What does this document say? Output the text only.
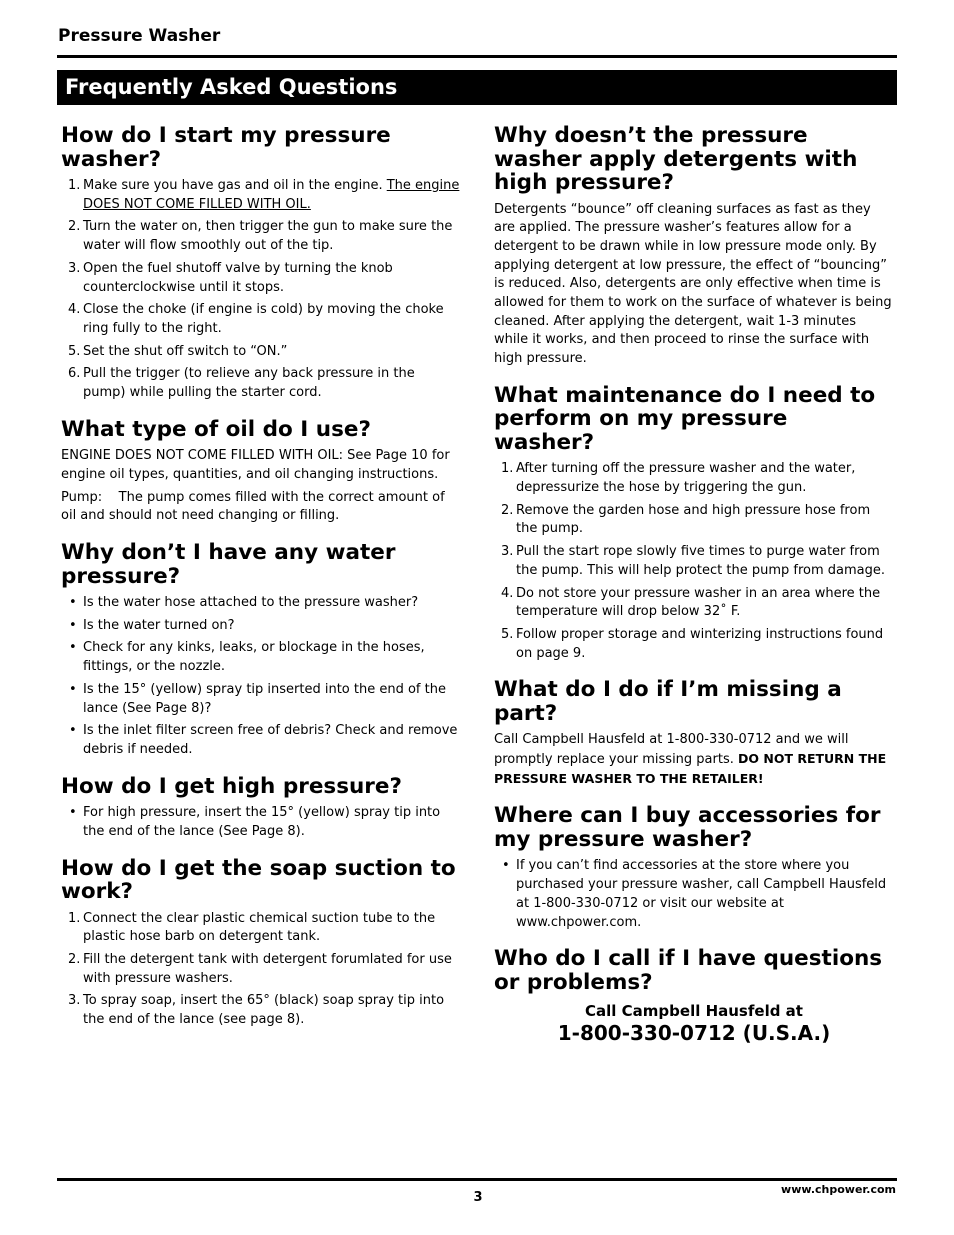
Pressure Washer
Frequently Asked Questions
How do I start my pressure washer?
1. Make sure you have gas and oil in the engine. The engine DOES NOT COME FILLED WITH OIL.
2. Turn the water on, then trigger the gun to make sure the water will flow smoothly out of the tip.
3. Open the fuel shutoff valve by turning the knob counterclockwise until it stops.
4. Close the choke (if engine is cold) by moving the choke ring fully to the right.
5. Set the shut off switch to “ON.”
6. Pull the trigger (to relieve any back pressure in the pump) while pulling the starter cord.
What type of oil do I use?

ENGINE DOES NOT COME FILLED WITH OIL: See Page 10 for engine oil types, quantities, and oil changing instructions.

Pump:    The pump comes filled with the correct amount of oil and should not need changing or filling.

Why don’t I have any water pressure?
• Is the water hose attached to the pressure washer?
• Is the water turned on?
• Check for any kinks, leaks, or blockage in the hoses, fittings, or the nozzle.
• Is the 15° (yellow) spray tip inserted into the end of the lance (See Page 8)?
• Is the inlet filter screen free of debris? Check and remove debris if needed.
How do I get high pressure?
• For high pressure, insert the 15° (yellow) spray tip into the end of the lance (See Page 8).
How do I get the soap suction to work?
1. Connect the clear plastic chemical suction tube to the plastic hose barb on detergent tank.
2. Fill the detergent tank with detergent forumlated for use with pressure washers.
3. To spray soap, insert the 65° (black) soap spray tip into the end of the lance (see page 8).
Why doesn’t the pressure washer apply detergents with high pressure?

Detergents “bounce” off cleaning surfaces as fast as they are applied. The pressure washer’s features allow for a detergent to be drawn while in low pressure mode only. By applying detergent at low pressure, the effect of “bouncing” is reduced. Also, detergents are only effective when time is allowed for them to work on the surface of whatever is being cleaned. After applying the detergent, wait 1-3 minutes while it works, and then proceed to rinse the surface with high pressure.

What maintenance do I need to perform on my pressure washer?
1. After turning off the pressure washer and the water, depressurize the hose by triggering the gun.
2. Remove the garden hose and high pressure hose from the pump.
3. Pull the start rope slowly five times to purge water from the pump. This will help protect the pump from damage.
4. Do not store your pressure washer in an area where the temperature will drop below 32˚ F.
5. Follow proper storage and winterizing instructions found on page 9.
What do I do if I’m missing a part?

Call Campbell Hausfeld at 1-800-330-0712 and we will promptly replace your missing parts. DO NOT RETURN THE PRESSURE WASHER TO THE RETAILER!

Where can I buy accessories for my pressure washer?
• If you can’t find accessories at the store where you purchased your pressure washer, call Campbell Hausfeld at 1-800-330-0712 or visit our website at www.chpower.com.
Who do I call if I have questions or problems?
Call Campbell Hausfeld at
1-800-330-0712 (U.S.A.)
3
www.chpower.com
